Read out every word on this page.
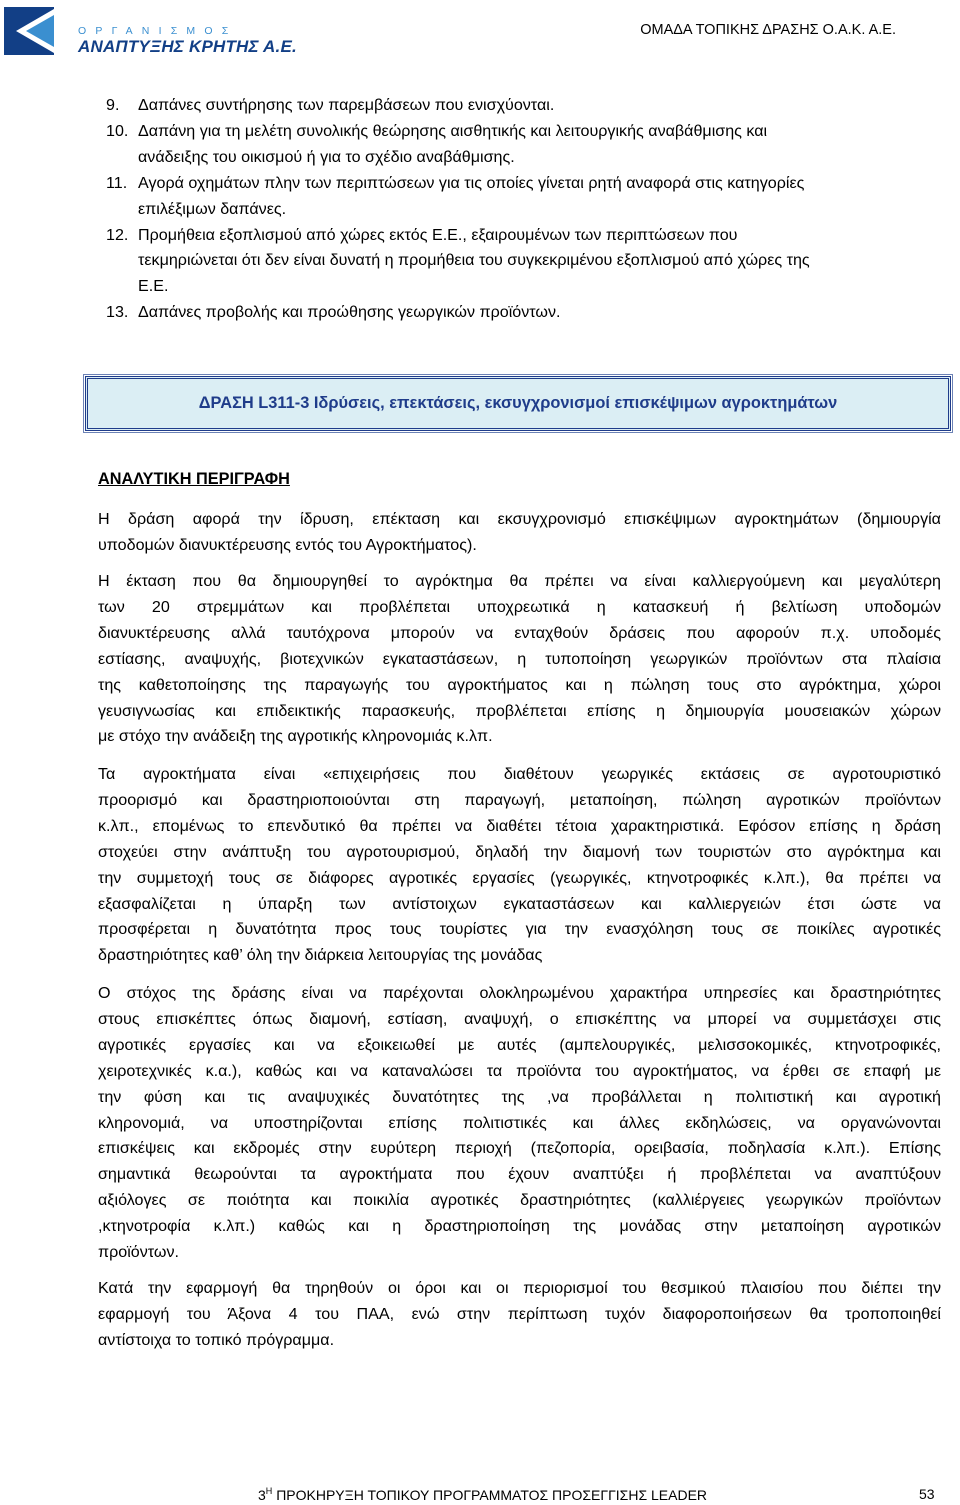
ΟΡΓΑΝΙΣΜΟΣ
ΑΝΑΠΤΥΞΗΣ ΚΡΗΤΗΣ Α.Ε.
ΟΜΑΔΑ ΤΟΠΙΚΗΣ ΔΡΑΣΗΣ Ο.Α.Κ. Α.Ε.
9. Δαπάνες συντήρησης των παρεμβάσεων που ενισχύονται.
10. Δαπάνη για τη μελέτη συνολικής θεώρησης αισθητικής και λειτουργικής αναβάθμισης και
ανάδειξης του οικισμού ή για το σχέδιο αναβάθμισης.
11. Αγορά οχημάτων πλην των περιπτώσεων για τις οποίες γίνεται ρητή αναφορά στις κατηγορίες
επιλέξιμων δαπάνες.
12. Προμήθεια εξοπλισμού από χώρες εκτός Ε.Ε., εξαιρουμένων των περιπτώσεων που
τεκμηριώνεται ότι δεν είναι δυνατή η προμήθεια του συγκεκριμένου εξοπλισμού από χώρες της
Ε.Ε.
13. Δαπάνες προβολής και προώθησης γεωργικών προϊόντων.
ΔΡΑΣΗ L311-3 Ιδρύσεις, επεκτάσεις, εκσυγχρονισμοί επισκέψιμων αγροκτημάτων
ΑΝΑΛΥΤΙΚΗ ΠΕΡΙΓΡΑΦΗ
Η δράση αφορά την ίδρυση, επέκταση και εκσυγχρονισμό επισκέψιμων αγροκτημάτων (δημιουργία
υποδομών διανυκτέρευσης εντός του Αγροκτήματος).
Η έκταση που θα δημιουργηθεί το αγρόκτημα θα πρέπει να είναι καλλιεργούμενη και μεγαλύτερη
των 20 στρεμμάτων και προβλέπεται υποχρεωτικά η κατασκευή ή βελτίωση υποδομών
διανυκτέρευσης αλλά ταυτόχρονα μπορούν να ενταχθούν δράσεις που αφορούν π.χ. υποδομές
εστίασης, αναψυχής, βιοτεχνικών εγκαταστάσεων, η τυποποίηση γεωργικών προϊόντων στα πλαίσια
της καθετοποίησης της παραγωγής του αγροκτήματος και η πώληση τους στο αγρόκτημα, χώροι
γευσιγνωσίας και επιδεικτικής παρασκευής, προβλέπεται επίσης η δημιουργία μουσειακών χώρων
με στόχο την ανάδειξη της αγροτικής κληρονομιάς κ.λπ.
Τα αγροκτήματα είναι «επιχειρήσεις που διαθέτουν γεωργικές εκτάσεις σε αγροτουριστικό
προορισμό και δραστηριοποιούνται στη παραγωγή, μεταποίηση, πώληση αγροτικών προϊόντων
κ.λπ., επομένως το επενδυτικό θα πρέπει να διαθέτει τέτοια χαρακτηριστικά. Εφόσον επίσης η δράση
στοχεύει στην ανάπτυξη του αγροτουρισμού, δηλαδή την διαμονή των τουριστών στο αγρόκτημα και
την συμμετοχή τους σε διάφορες αγροτικές εργασίες (γεωργικές, κτηνοτροφικές κ.λπ.), θα πρέπει να
εξασφαλίζεται η ύπαρξη των αντίστοιχων εγκαταστάσεων και καλλιεργειών έτσι ώστε να
προσφέρεται η δυνατότητα προς τους τουρίστες για την ενασχόληση τους σε ποικίλες αγροτικές
δραστηριότητες καθ’ όλη την διάρκεια λειτουργίας της μονάδας
Ο στόχος της δράσης είναι να παρέχονται ολοκληρωμένου χαρακτήρα υπηρεσίες και δραστηριότητες
στους επισκέπτες όπως διαμονή, εστίαση, αναψυχή, ο επισκέπτης να μπορεί να συμμετάσχει στις
αγροτικές εργασίες και να εξοικειωθεί με αυτές (αμπελουργικές, μελισσοκομικές, κτηνοτροφικές,
χειροτεχνικές κ.α.), καθώς και να καταναλώσει τα προϊόντα του αγροκτήματος, να έρθει σε επαφή με
την φύση και τις αναψυχικές δυνατότητες της ,να προβάλλεται η πολιτιστική και αγροτική
κληρονομιά, να υποστηρίζονται επίσης πολιτιστικές και άλλες εκδηλώσεις, να οργανώνονται
επισκέψεις και εκδρομές στην ευρύτερη περιοχή (πεζοπορία, ορειβασία, ποδηλασία κ.λπ.). Επίσης
σημαντικά θεωρούνται τα αγροκτήματα που έχουν αναπτύξει ή προβλέπεται να αναπτύξουν
αξιόλογες σε ποιότητα και ποικιλία αγροτικές δραστηριότητες (καλλιέργειες γεωργικών προϊόντων
,κτηνοτροφία κ.λπ.) καθώς και η δραστηριοποίηση της μονάδας στην μεταποίηση αγροτικών
προϊόντων.
Κατά την εφαρμογή θα τηρηθούν οι όροι και οι περιορισμοί του θεσμικού πλαισίου που διέπει την
εφαρμογή του Άξονα 4 του ΠΑΑ, ενώ στην περίπτωση τυχόν διαφοροποιήσεων θα τροποποιηθεί
αντίστοιχα το τοπικό πρόγραμμα.
$3^H$ ΠΡΟΚΗΡΥΞΗ ΤΟΠΙΚΟΥ ΠΡΟΓΡΑΜΜΑΤΟΣ ΠΡΟΣΕΓΓΙΣΗΣ LEADER	53
